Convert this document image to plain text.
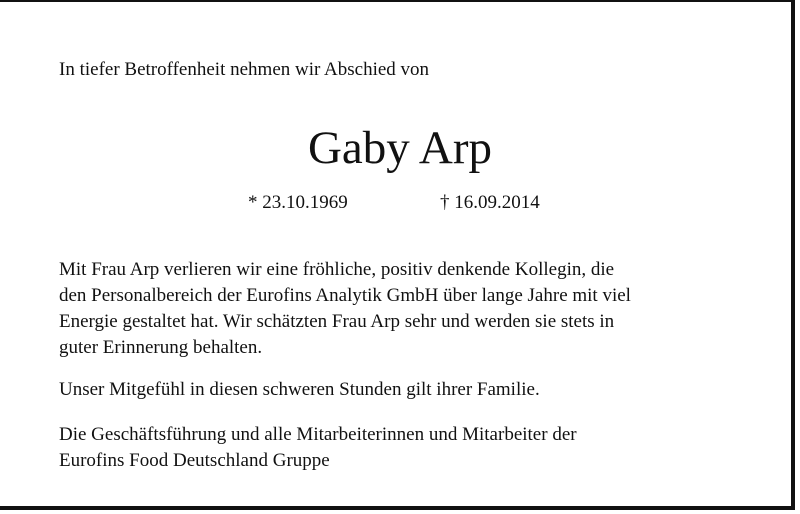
In tiefer Betroffenheit nehmen wir Abschied von
Gaby Arp
* 23.10.1969	† 16.09.2014
Mit Frau Arp verlieren wir eine fröhliche, positiv denkende Kollegin, die
den Personalbereich der Eurofins Analytik GmbH über lange Jahre mit viel
Energie gestaltet hat. Wir schätzten Frau Arp sehr und werden sie stets in
guter Erinnerung behalten.
Unser Mitgefühl in diesen schweren Stunden gilt ihrer Familie.
Die Geschäftsführung und alle Mitarbeiterinnen und Mitarbeiter der
Eurofins Food Deutschland Gruppe
